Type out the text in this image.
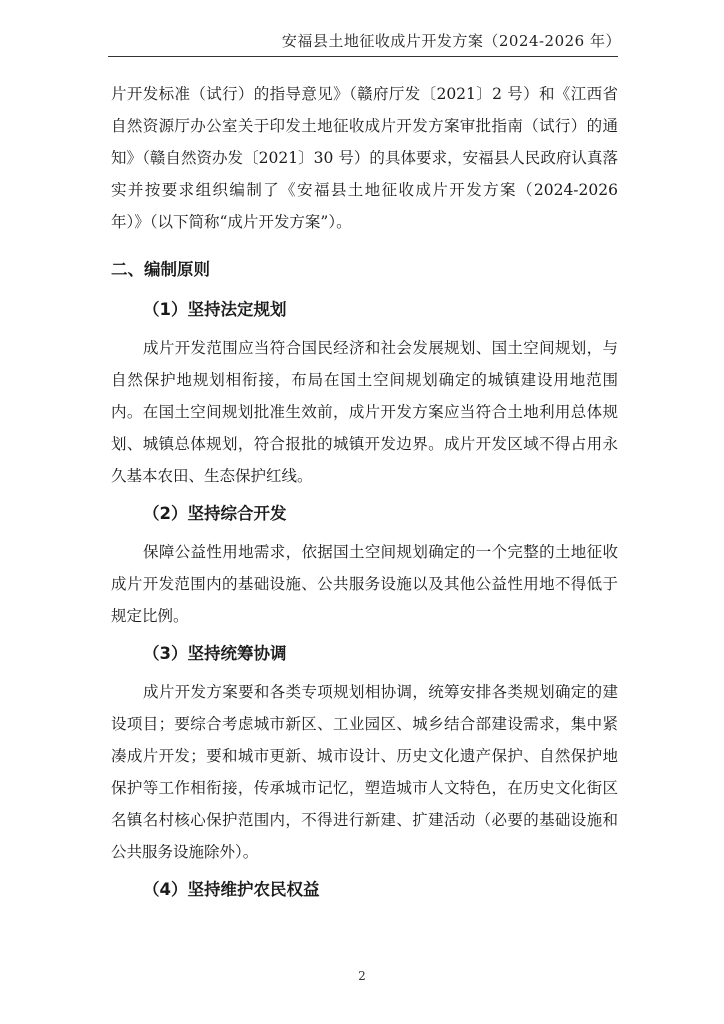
安福县土地征收成片开发方案（2024-2026 年）

片开发标准（试行）的指导意见》（赣府厅发〔2021〕2 号）和《江西省自然资源厅办公室关于印发土地征收成片开发方案审批指南（试行）的通知》（赣自然资办发〔2021〕30 号）的具体要求，安福县人民政府认真落实并按要求组织编制了《安福县土地征收成片开发方案（2024-2026 年）》（以下简称“成片开发方案”）。

二、编制原则

（1）坚持法定规划

成片开发范围应当符合国民经济和社会发展规划、国土空间规划，与自然保护地规划相衔接，布局在国土空间规划确定的城镇建设用地范围内。在国土空间规划批准生效前，成片开发方案应当符合土地利用总体规划、城镇总体规划，符合报批的城镇开发边界。成片开发区域不得占用永久基本农田、生态保护红线。

（2）坚持综合开发

保障公益性用地需求，依据国土空间规划确定的一个完整的土地征收成片开发范围内的基础设施、公共服务设施以及其他公益性用地不得低于规定比例。

（3）坚持统筹协调

成片开发方案要和各类专项规划相协调，统筹安排各类规划确定的建设项目；要综合考虑城市新区、工业园区、城乡结合部建设需求，集中紧凑成片开发；要和城市更新、城市设计、历史文化遗产保护、自然保护地保护等工作相衔接，传承城市记忆，塑造城市人文特色，在历史文化街区名镇名村核心保护范围内，不得进行新建、扩建活动（必要的基础设施和公共服务设施除外）。

（4）坚持维护农民权益

2
